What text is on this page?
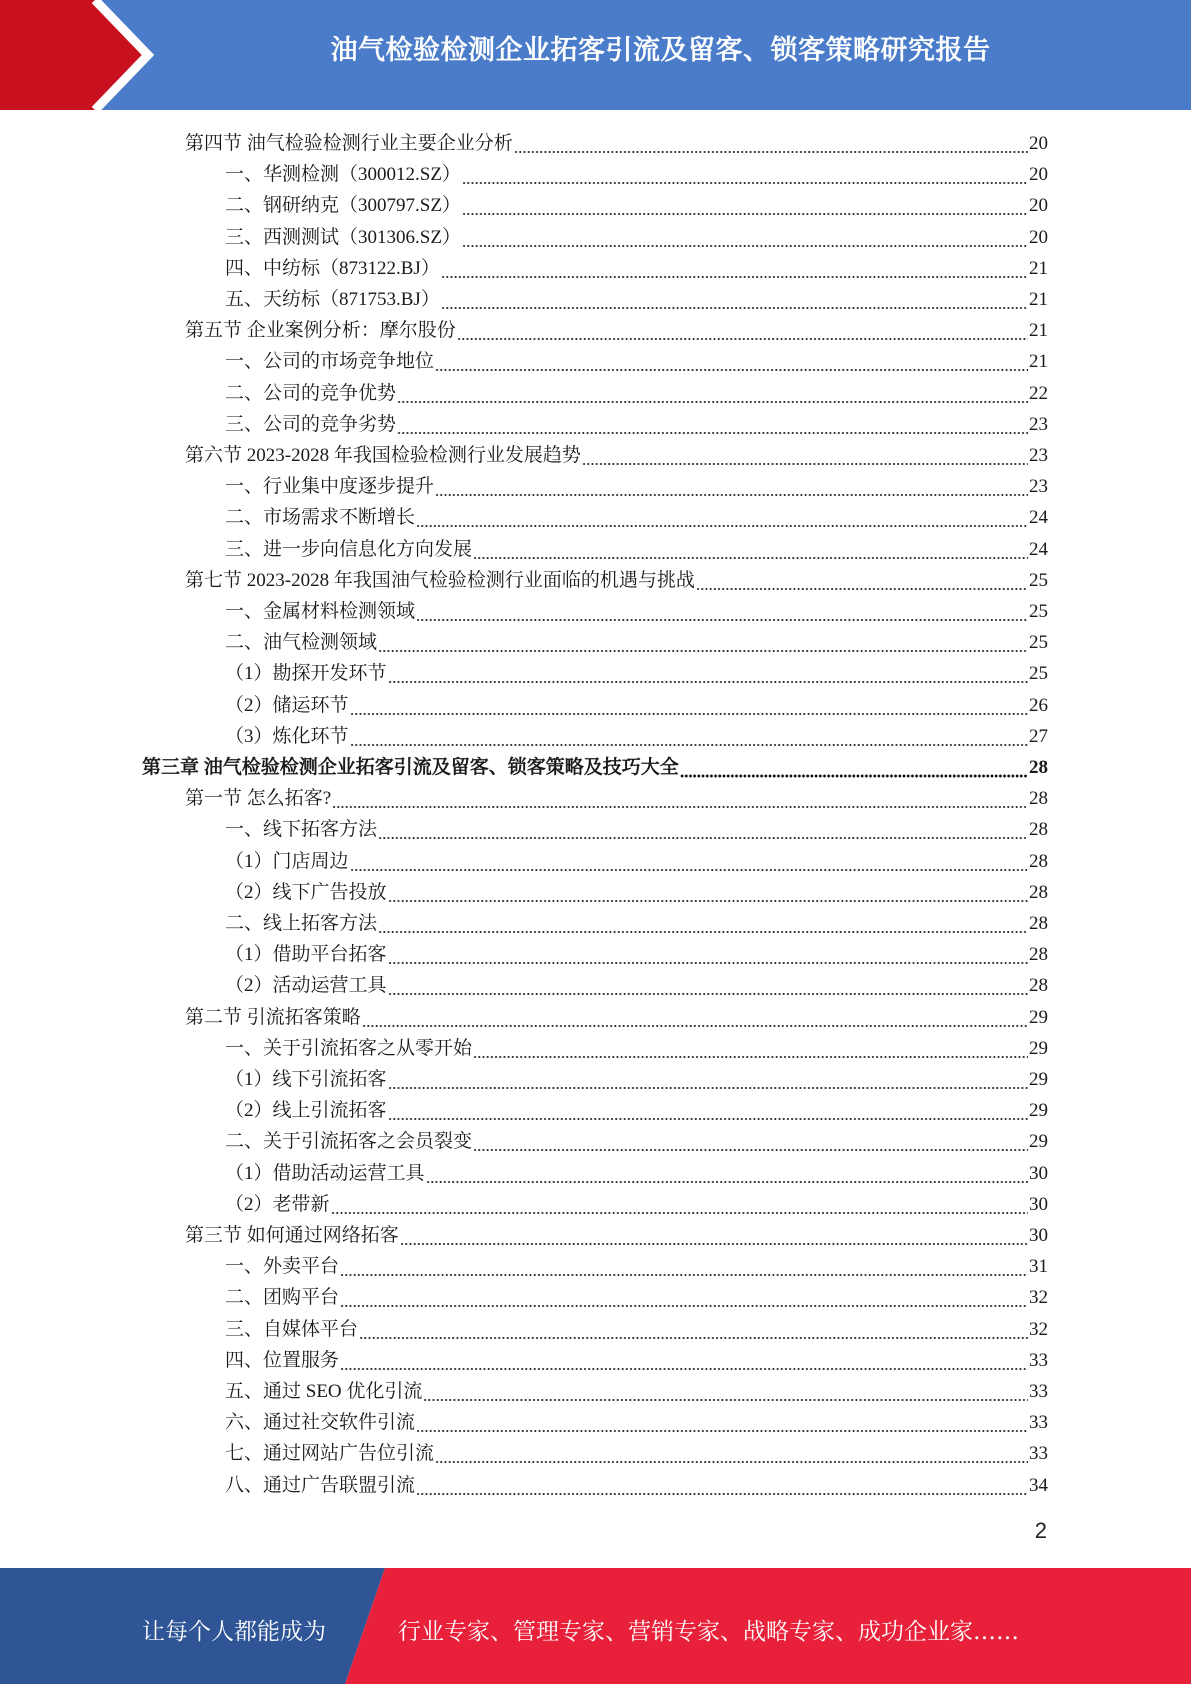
油气检验检测企业拓客引流及留客、锁客策略研究报告
第四节 油气检验检测行业主要企业分析	20
一、华测检测（300012.SZ）	20
二、钢研纳克（300797.SZ）	20
三、西测测试（301306.SZ）	20
四、中纺标（873122.BJ）	21
五、天纺标（871753.BJ）	21
第五节 企业案例分析：摩尔股份	21
一、公司的市场竞争地位	21
二、公司的竞争优势	22
三、公司的竞争劣势	23
第六节 2023-2028 年我国检验检测行业发展趋势	23
一、行业集中度逐步提升	23
二、市场需求不断增长	24
三、进一步向信息化方向发展	24
第七节 2023-2028 年我国油气检验检测行业面临的机遇与挑战	25
一、金属材料检测领域	25
二、油气检测领域	25
（1）勘探开发环节	25
（2）储运环节	26
（3）炼化环节	27
第三章 油气检验检测企业拓客引流及留客、锁客策略及技巧大全	28
第一节 怎么拓客?	28
一、线下拓客方法	28
（1）门店周边	28
（2）线下广告投放	28
二、线上拓客方法	28
（1）借助平台拓客	28
（2）活动运营工具	28
第二节 引流拓客策略	29
一、关于引流拓客之从零开始	29
（1）线下引流拓客	29
（2）线上引流拓客	29
二、关于引流拓客之会员裂变	29
（1）借助活动运营工具	30
（2）老带新	30
第三节 如何通过网络拓客	30
一、外卖平台	31
二、团购平台	32
三、自媒体平台	32
四、位置服务	33
五、通过 SEO 优化引流	33
六、通过社交软件引流	33
七、通过网站广告位引流	33
八、通过广告联盟引流	34
2
让每个人都能成为	行业专家、管理专家、营销专家、战略专家、成功企业家……
